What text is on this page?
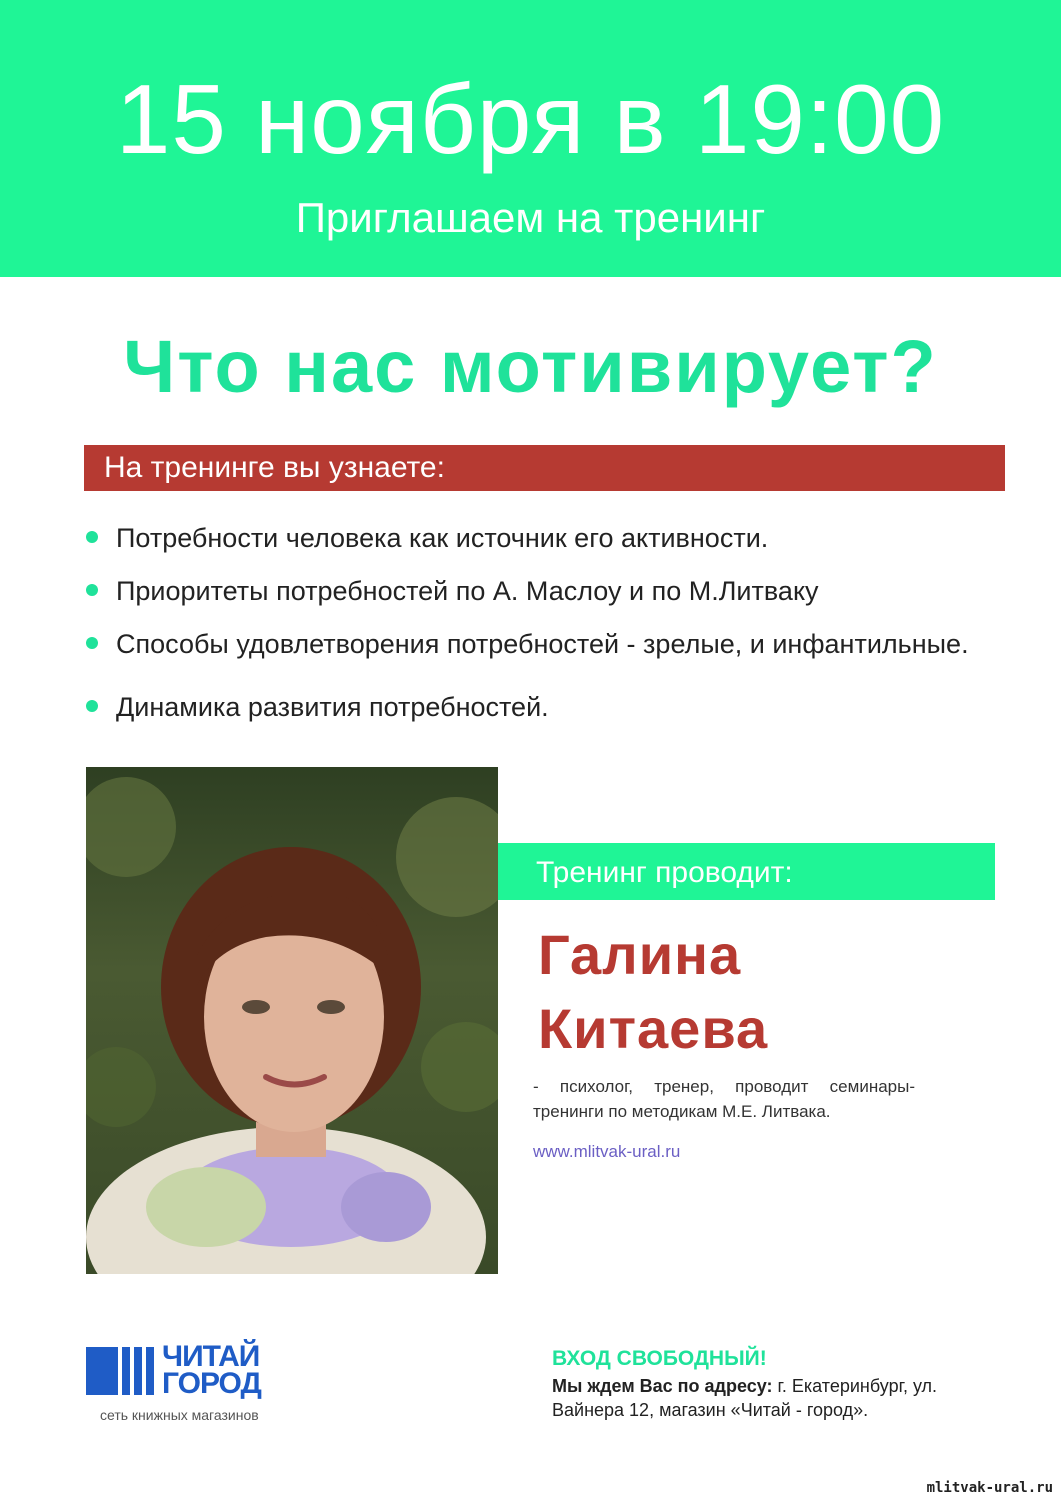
15 ноября в 19:00
Приглашаем на тренинг
Что нас мотивирует?
На тренинге вы узнаете:
Потребности человека как источник его активности.
Приоритеты потребностей по А. Маслоу и по М.Литваку
Способы удовлетворения потребностей - зрелые, и инфантильные.
Динамика развития потребностей.
Тренинг проводит:
Галина
Китаева
- психолог, тренер, проводит семинары-тренинги по методикам М.Е. Литвака.
www.mlitvak-ural.ru
ЧИТАЙ
ГОРОД
сеть книжных магазинов
ВХОД СВОБОДНЫЙ!
Мы ждем Вас по адресу: г. Екатеринбург, ул. Вайнера 12, магазин «Читай - город».
mlitvak-ural.ru
